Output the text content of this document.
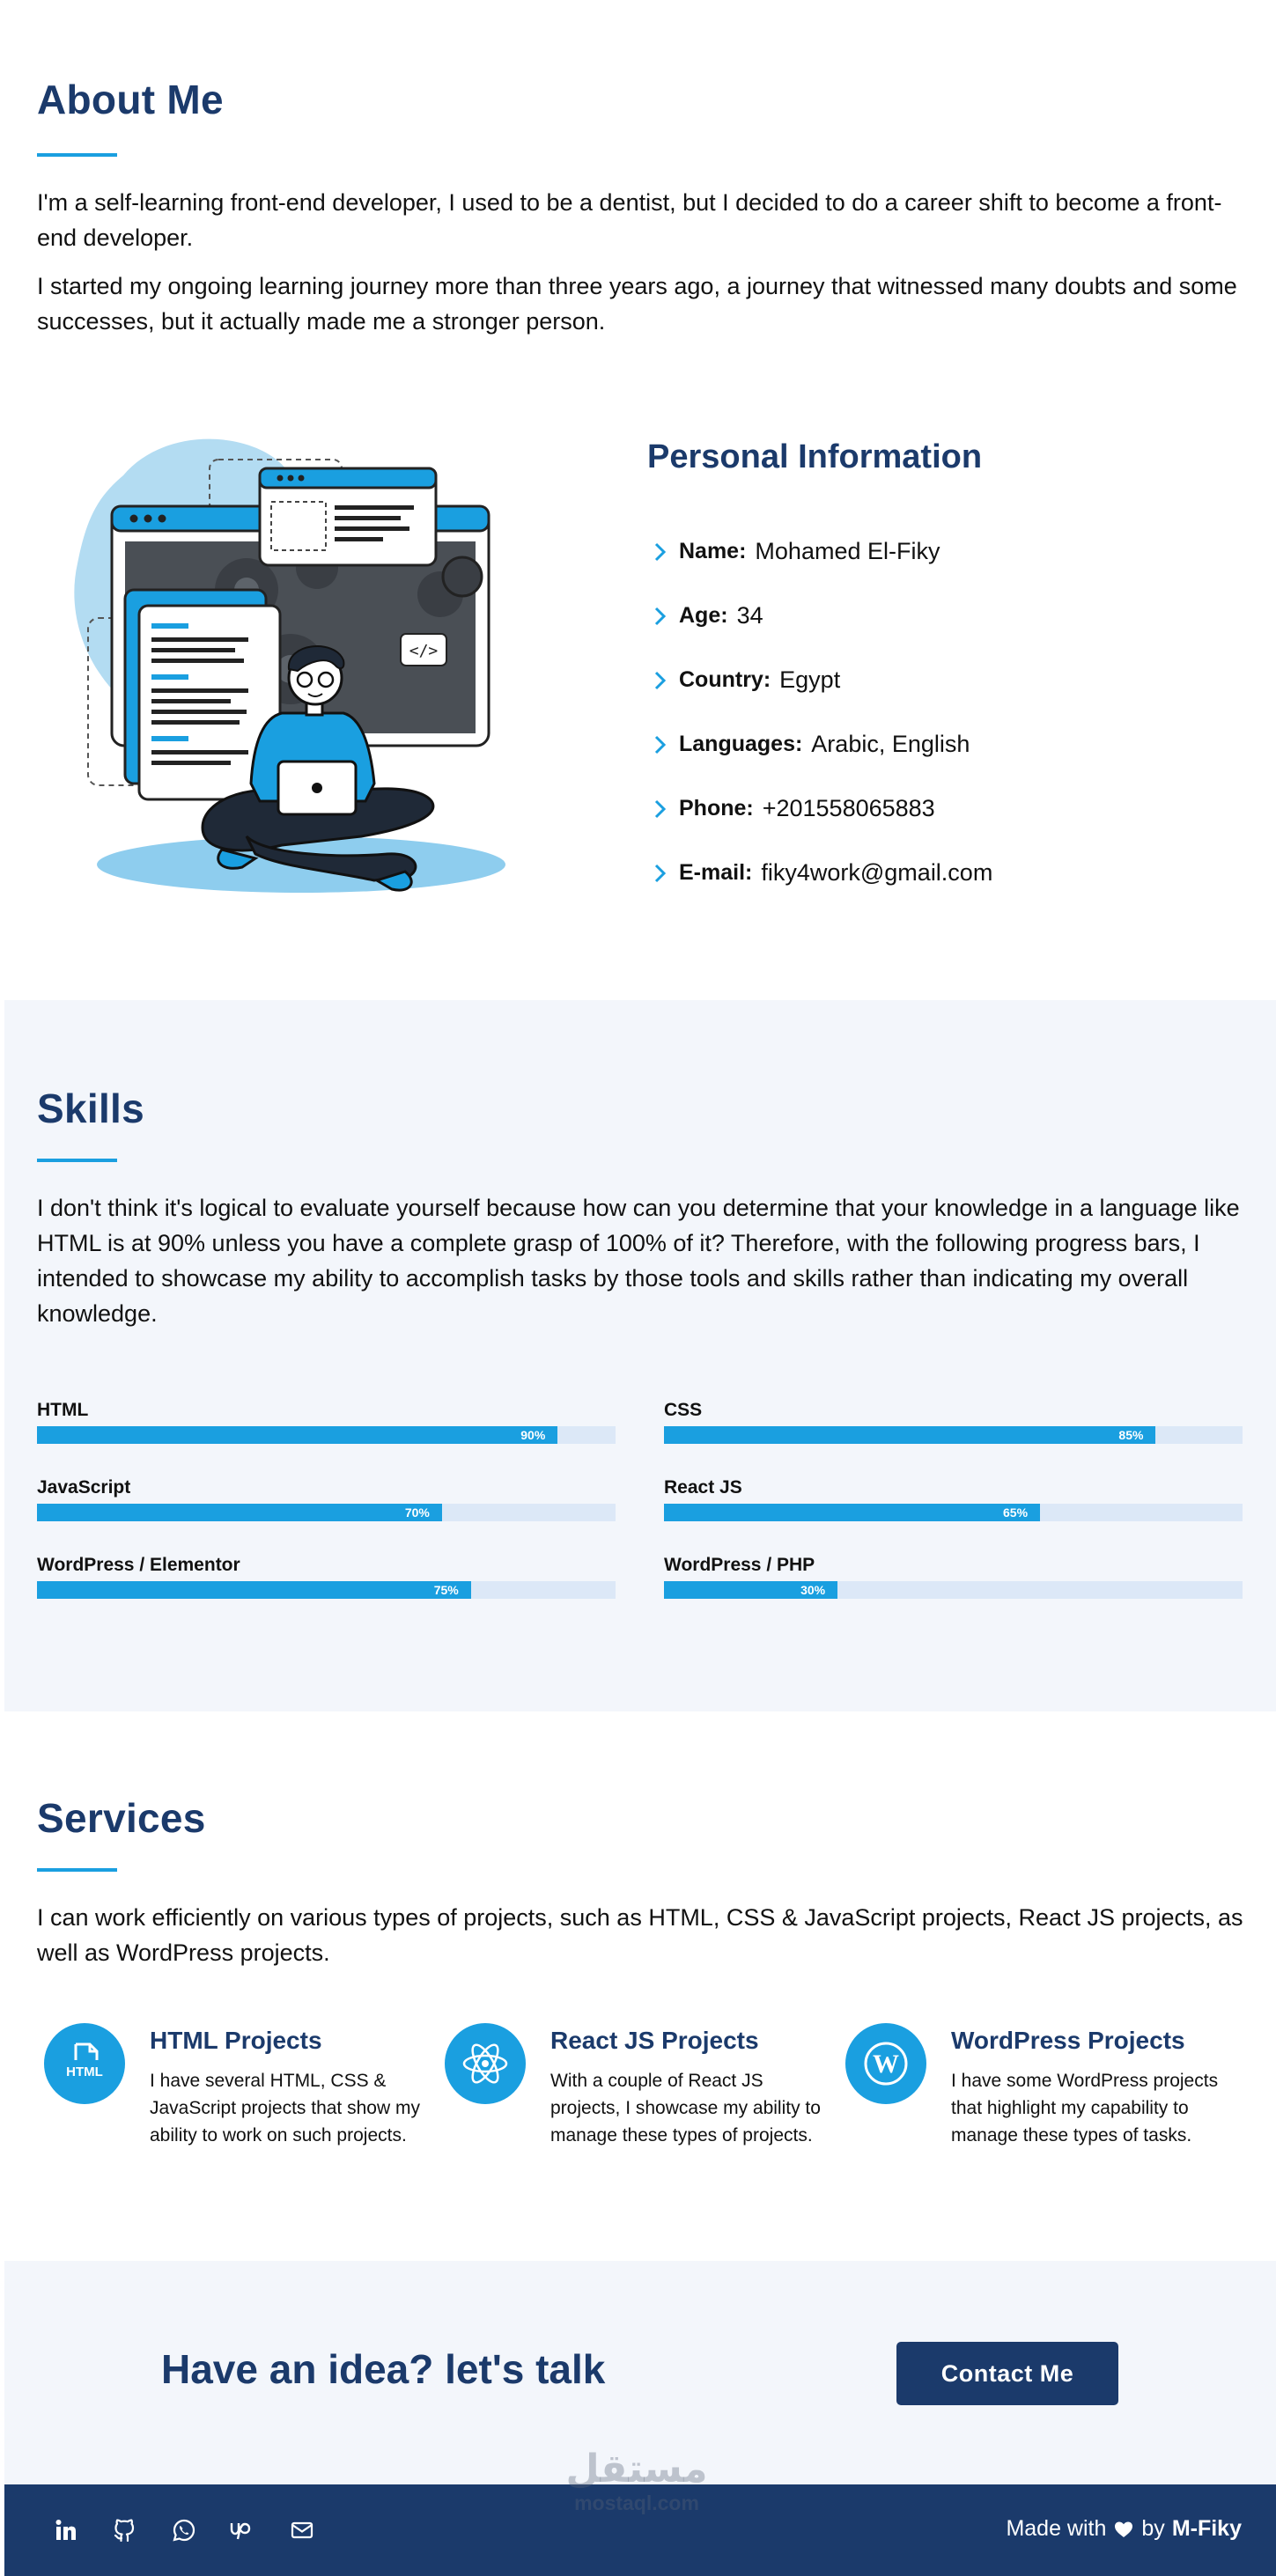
About Me

I'm a self-learning front-end developer, I used to be a dentist, but I decided to do a career shift to become a front-end developer.

I started my ongoing learning journey more than three years ago, a journey that witnessed many doubts and some successes, but it actually made me a stronger person.

</>
Personal Information
Name: Mohamed El-Fiky
Age: 34
Country: Egypt
Languages: Arabic, English
Phone: +201558065883
E-mail: fiky4work@gmail.com
Skills

I don't think it's logical to evaluate yourself because how can you determine that your knowledge in a language like HTML is at 90% unless you have a complete grasp of 100% of it? Therefore, with the following progress bars, I intended to showcase my ability to accomplish tasks by those tools and skills rather than indicating my overall knowledge.

HTML
90%
CSS
85%
JavaScript
70%
React JS
65%
WordPress / Elementor
75%
WordPress / PHP
30%
Services

I can work efficiently on various types of projects, such as HTML, CSS & JavaScript projects, React JS projects, as well as WordPress projects.

HTML
HTML Projects
I have several HTML, CSS & JavaScript projects that show my ability to work on such projects.
React JS Projects
With a couple of React JS projects, I showcase my ability to manage these types of projects.
W
WordPress Projects
I have some WordPress projects that highlight my capability to manage these types of tasks.
Have an idea? let's talk	Contact Me
Made with by M-Fiky
مستقل
mostaql.com
